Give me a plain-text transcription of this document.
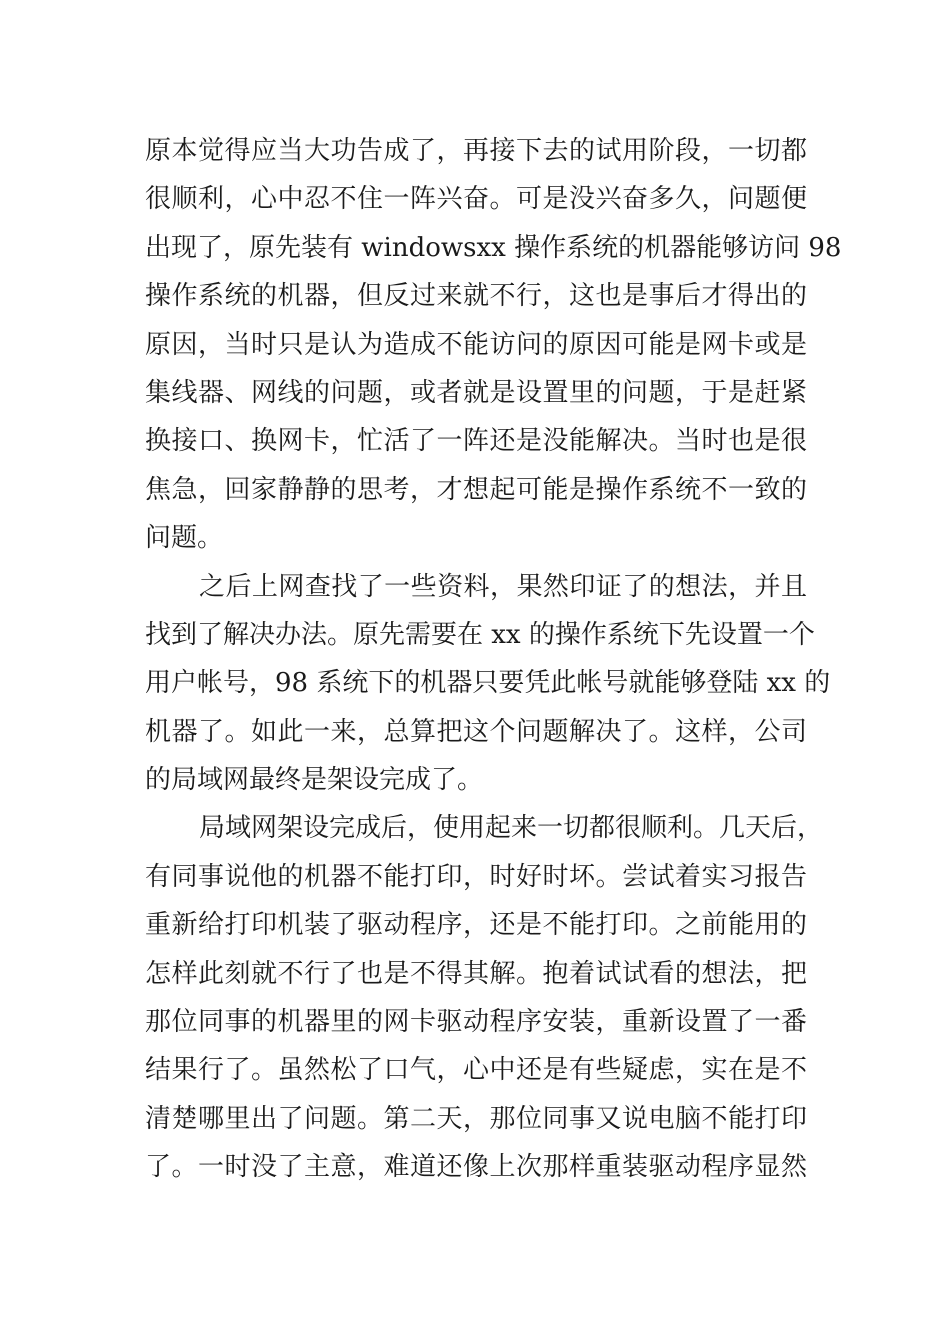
原本觉得应当大功告成了，再接下去的试用阶段，一切都
很顺利，心中忍不住一阵兴奋。可是没兴奋多久，问题便
出现了，原先装有 windowsxx 操作系统的机器能够访问 98
操作系统的机器，但反过来就不行，这也是事后才得出的
原因，当时只是认为造成不能访问的原因可能是网卡或是
集线器、网线的问题，或者就是设置里的问题，于是赶紧
换接口、换网卡，忙活了一阵还是没能解决。当时也是很
焦急，回家静静的思考，才想起可能是操作系统不一致的
问题。
之后上网查找了一些资料，果然印证了的想法，并且
找到了解决办法。原先需要在 xx 的操作系统下先设置一个
用户帐号，98 系统下的机器只要凭此帐号就能够登陆 xx 的
机器了。如此一来，总算把这个问题解决了。这样，公司
的局域网最终是架设完成了。
局域网架设完成后，使用起来一切都很顺利。几天后，
有同事说他的机器不能打印，时好时坏。尝试着实习报告
重新给打印机装了驱动程序，还是不能打印。之前能用的
怎样此刻就不行了也是不得其解。抱着试试看的想法，把
那位同事的机器里的网卡驱动程序安装，重新设置了一番
结果行了。虽然松了口气，心中还是有些疑虑，实在是不
清楚哪里出了问题。第二天，那位同事又说电脑不能打印
了。一时没了主意，难道还像上次那样重装驱动程序显然
